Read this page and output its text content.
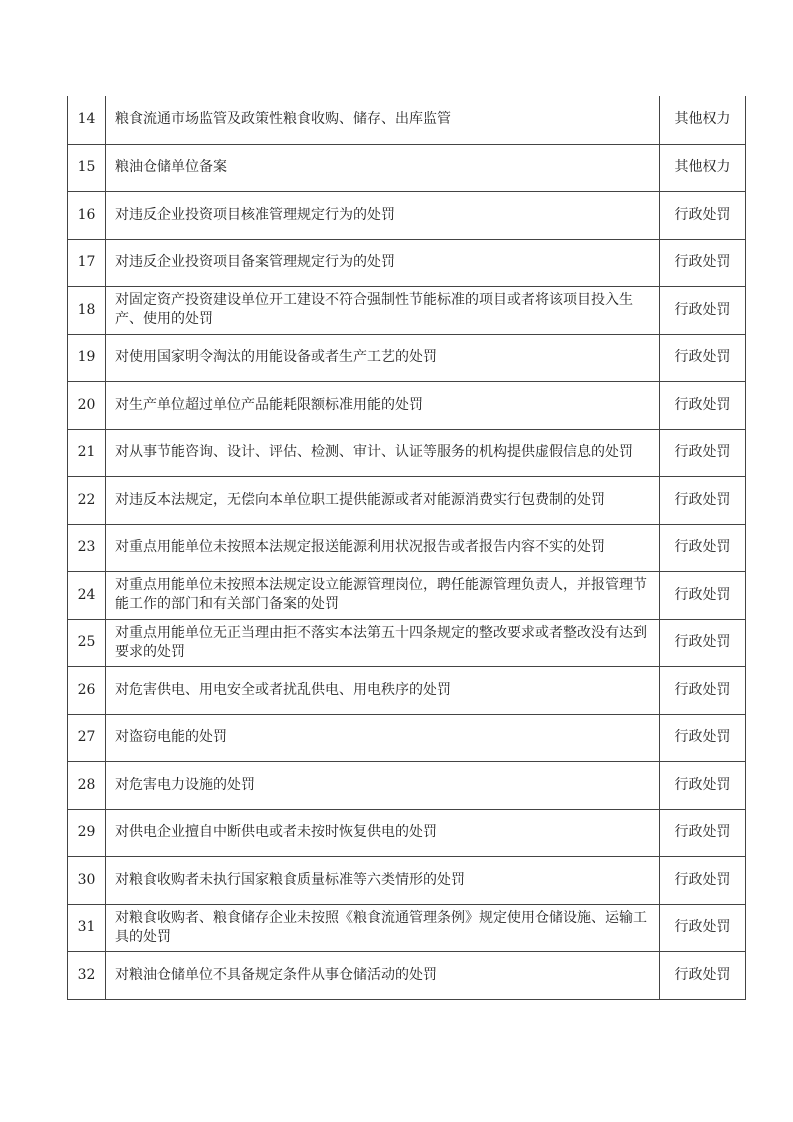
14	粮食流通市场监管及政策性粮食收购、储存、出库监管	其他权力
15	粮油仓储单位备案	其他权力
16	对违反企业投资项目核准管理规定行为的处罚	行政处罚
17	对违反企业投资项目备案管理规定行为的处罚	行政处罚
18	对固定资产投资建设单位开工建设不符合强制性节能标准的项目或者将该项目投入生产、使用的处罚	行政处罚
19	对使用国家明令淘汰的用能设备或者生产工艺的处罚	行政处罚
20	对生产单位超过单位产品能耗限额标准用能的处罚	行政处罚
21	对从事节能咨询、设计、评估、检测、审计、认证等服务的机构提供虚假信息的处罚	行政处罚
22	对违反本法规定，无偿向本单位职工提供能源或者对能源消费实行包费制的处罚	行政处罚
23	对重点用能单位未按照本法规定报送能源利用状况报告或者报告内容不实的处罚	行政处罚
24	对重点用能单位未按照本法规定设立能源管理岗位，聘任能源管理负责人，并报管理节能工作的部门和有关部门备案的处罚	行政处罚
25	对重点用能单位无正当理由拒不落实本法第五十四条规定的整改要求或者整改没有达到要求的处罚	行政处罚
26	对危害供电、用电安全或者扰乱供电、用电秩序的处罚	行政处罚
27	对盗窃电能的处罚	行政处罚
28	对危害电力设施的处罚	行政处罚
29	对供电企业擅自中断供电或者未按时恢复供电的处罚	行政处罚
30	对粮食收购者未执行国家粮食质量标准等六类情形的处罚	行政处罚
31	对粮食收购者、粮食储存企业未按照《粮食流通管理条例》规定使用仓储设施、运输工具的处罚	行政处罚
32	对粮油仓储单位不具备规定条件从事仓储活动的处罚	行政处罚
